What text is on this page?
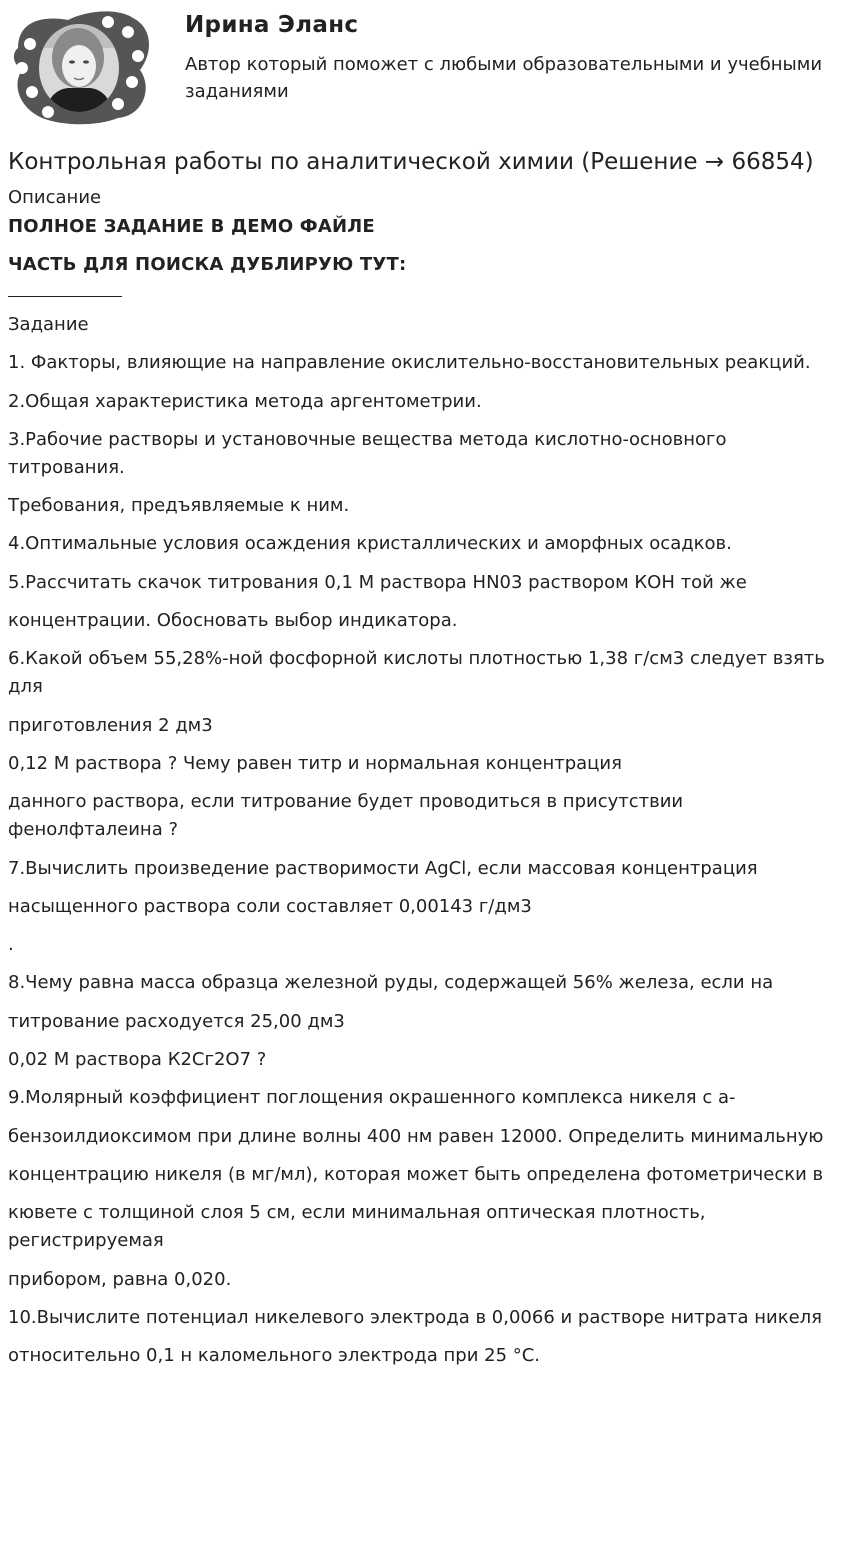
Ирина Эланс

Автор который поможет с любыми образовательными и учебными заданиями

Контрольная работы по аналитической химии (Решение → 66854)
Описание
ПОЛНОЕ ЗАДАНИЕ В ДЕМО ФАЙЛЕ
ЧАСТЬ ДЛЯ ПОИСКА ДУБЛИРУЮ ТУТ:

Задание

1. Факторы, влияющие на направление окислительно-восстановительных реакций.

2.Общая характеристика метода аргентометрии.

3.Рабочие растворы и установочные вещества метода кислотно-основного титрования.

Требования, предъявляемые к ним.

4.Оптимальные условия осаждения кристаллических и аморфных осадков.

5.Рассчитать скачок титрования 0,1 М раствора HN03 раствором КОН той же

концентрации. Обосновать выбор индикатора.

6.Какой объем 55,28%-ной фосфорной кислоты плотностью 1,38 г/см3 следует взять для

приготовления 2 дм3

0,12 М раствора ? Чему равен титр и нормальная концентрация

данного раствора, если титрование будет проводиться в присутствии фенолфталеина ?

7.Вычислить произведение растворимости AgCl, если массовая концентрация

насыщенного раствора соли составляет 0,00143 г/дм3

.

8.Чему равна масса образца железной руды, содержащей 56% железа, если на

титрование расходуется 25,00 дм3

0,02 М раствора К2Сг2О7 ?

9.Молярный коэффициент поглощения окрашенного комплекса никеля с а-

бензоилдиоксимом при длине волны 400 нм равен 12000. Определить минимальную

концентрацию никеля (в мг/мл), которая может быть определена фотометрически в

кювете с толщиной слоя 5 см, если минимальная оптическая плотность, регистрируемая

прибором, равна 0,020.

10.Вычислите потенциал никелевого электрода в 0,0066 и растворе нитрата никеля

относительно 0,1 н каломельного электрода при 25 °С.
